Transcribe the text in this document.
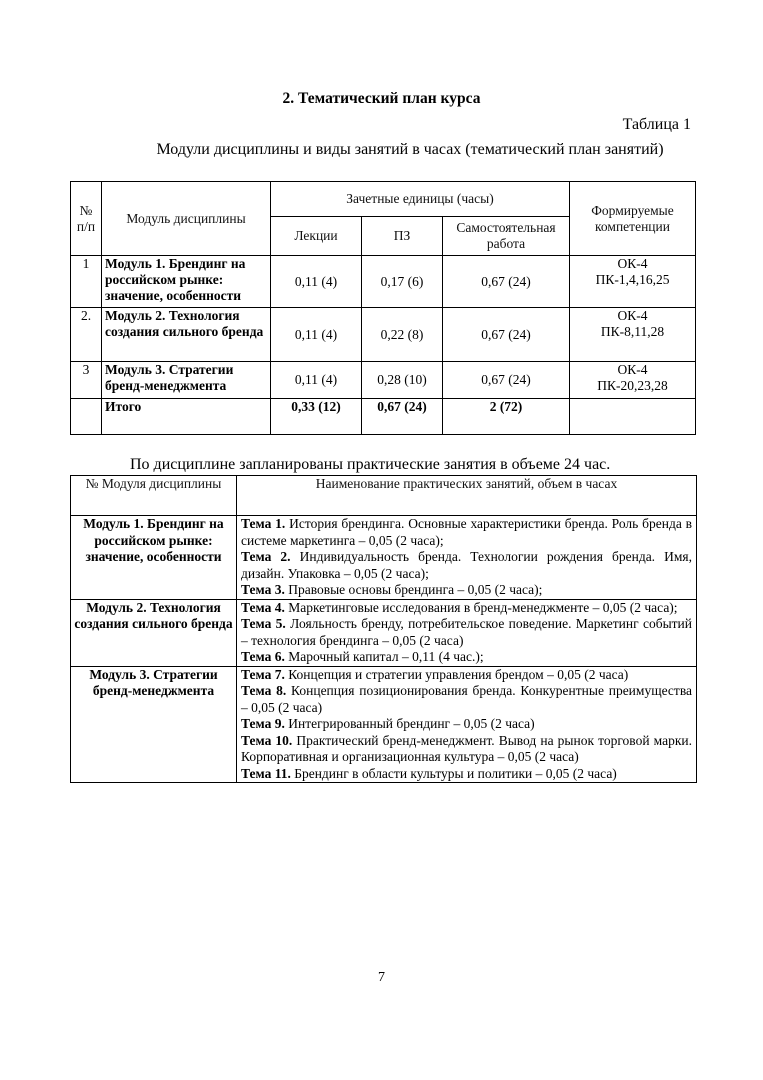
2. Тематический план курса
Таблица 1
Модули дисциплины и виды занятий в часах (тематический план занятий)
№ п/п	Модуль дисциплины	Зачетные единицы (часы)			Формируемые компетенции
		Лекции	ПЗ	Самостоятельная работа	
1	Модуль 1. Брендинг на российском рынке: значение, особенности	0,11 (4)	0,17 (6)	0,67 (24)	ОК-4
ПК-1,4,16,25

2.	Модуль 2. Технология создания сильного бренда	0,11 (4)	0,22 (8)	0,67 (24)	ОК-4
ПК-8,11,28

3	Модуль 3. Стратегии бренд-менеджмента	0,11 (4)	0,28 (10)	0,67 (24)	ОК-4
ПК-20,23,28

	Итого	0,33 (12)	0,67 (24)	2 (72)	
По дисциплине запланированы практические занятия в объеме 24 час.
№ Модуля дисциплины	Наименование практических занятий, объем в часах
Модуль 1. Брендинг на российском рынке: значение, особенности	Тема 1. История брендинга. Основные характеристики бренда. Роль бренда в системе маркетинга – 0,05 (2 часа);
Тема 2. Индивидуальность бренда. Технологии рождения бренда. Имя, дизайн. Упаковка – 0,05 (2 часа);
Тема 3. Правовые основы брендинга – 0,05 (2 часа);

Модуль 2. Технология создания сильного бренда	Тема 4. Маркетинговые исследования в бренд-менеджменте – 0,05 (2 часа);
Тема 5. Лояльность бренду, потребительское поведение. Маркетинг событий – технология брендинга – 0,05 (2 часа)
Тема 6. Марочный капитал – 0,11 (4 час.);

Модуль 3. Стратегии бренд-менеджмента	Тема 7. Концепция и стратегии управления брендом – 0,05 (2 часа)
Тема 8. Концепция позиционирования бренда. Конкурентные преимущества – 0,05 (2 часа)
Тема 9. Интегрированный брендинг – 0,05 (2 часа)
Тема 10. Практический бренд-менеджмент. Вывод на рынок торговой марки. Корпоративная и организационная культура – 0,05 (2 часа)
Тема 11. Брендинг в области культуры и политики – 0,05 (2 часа)
7
